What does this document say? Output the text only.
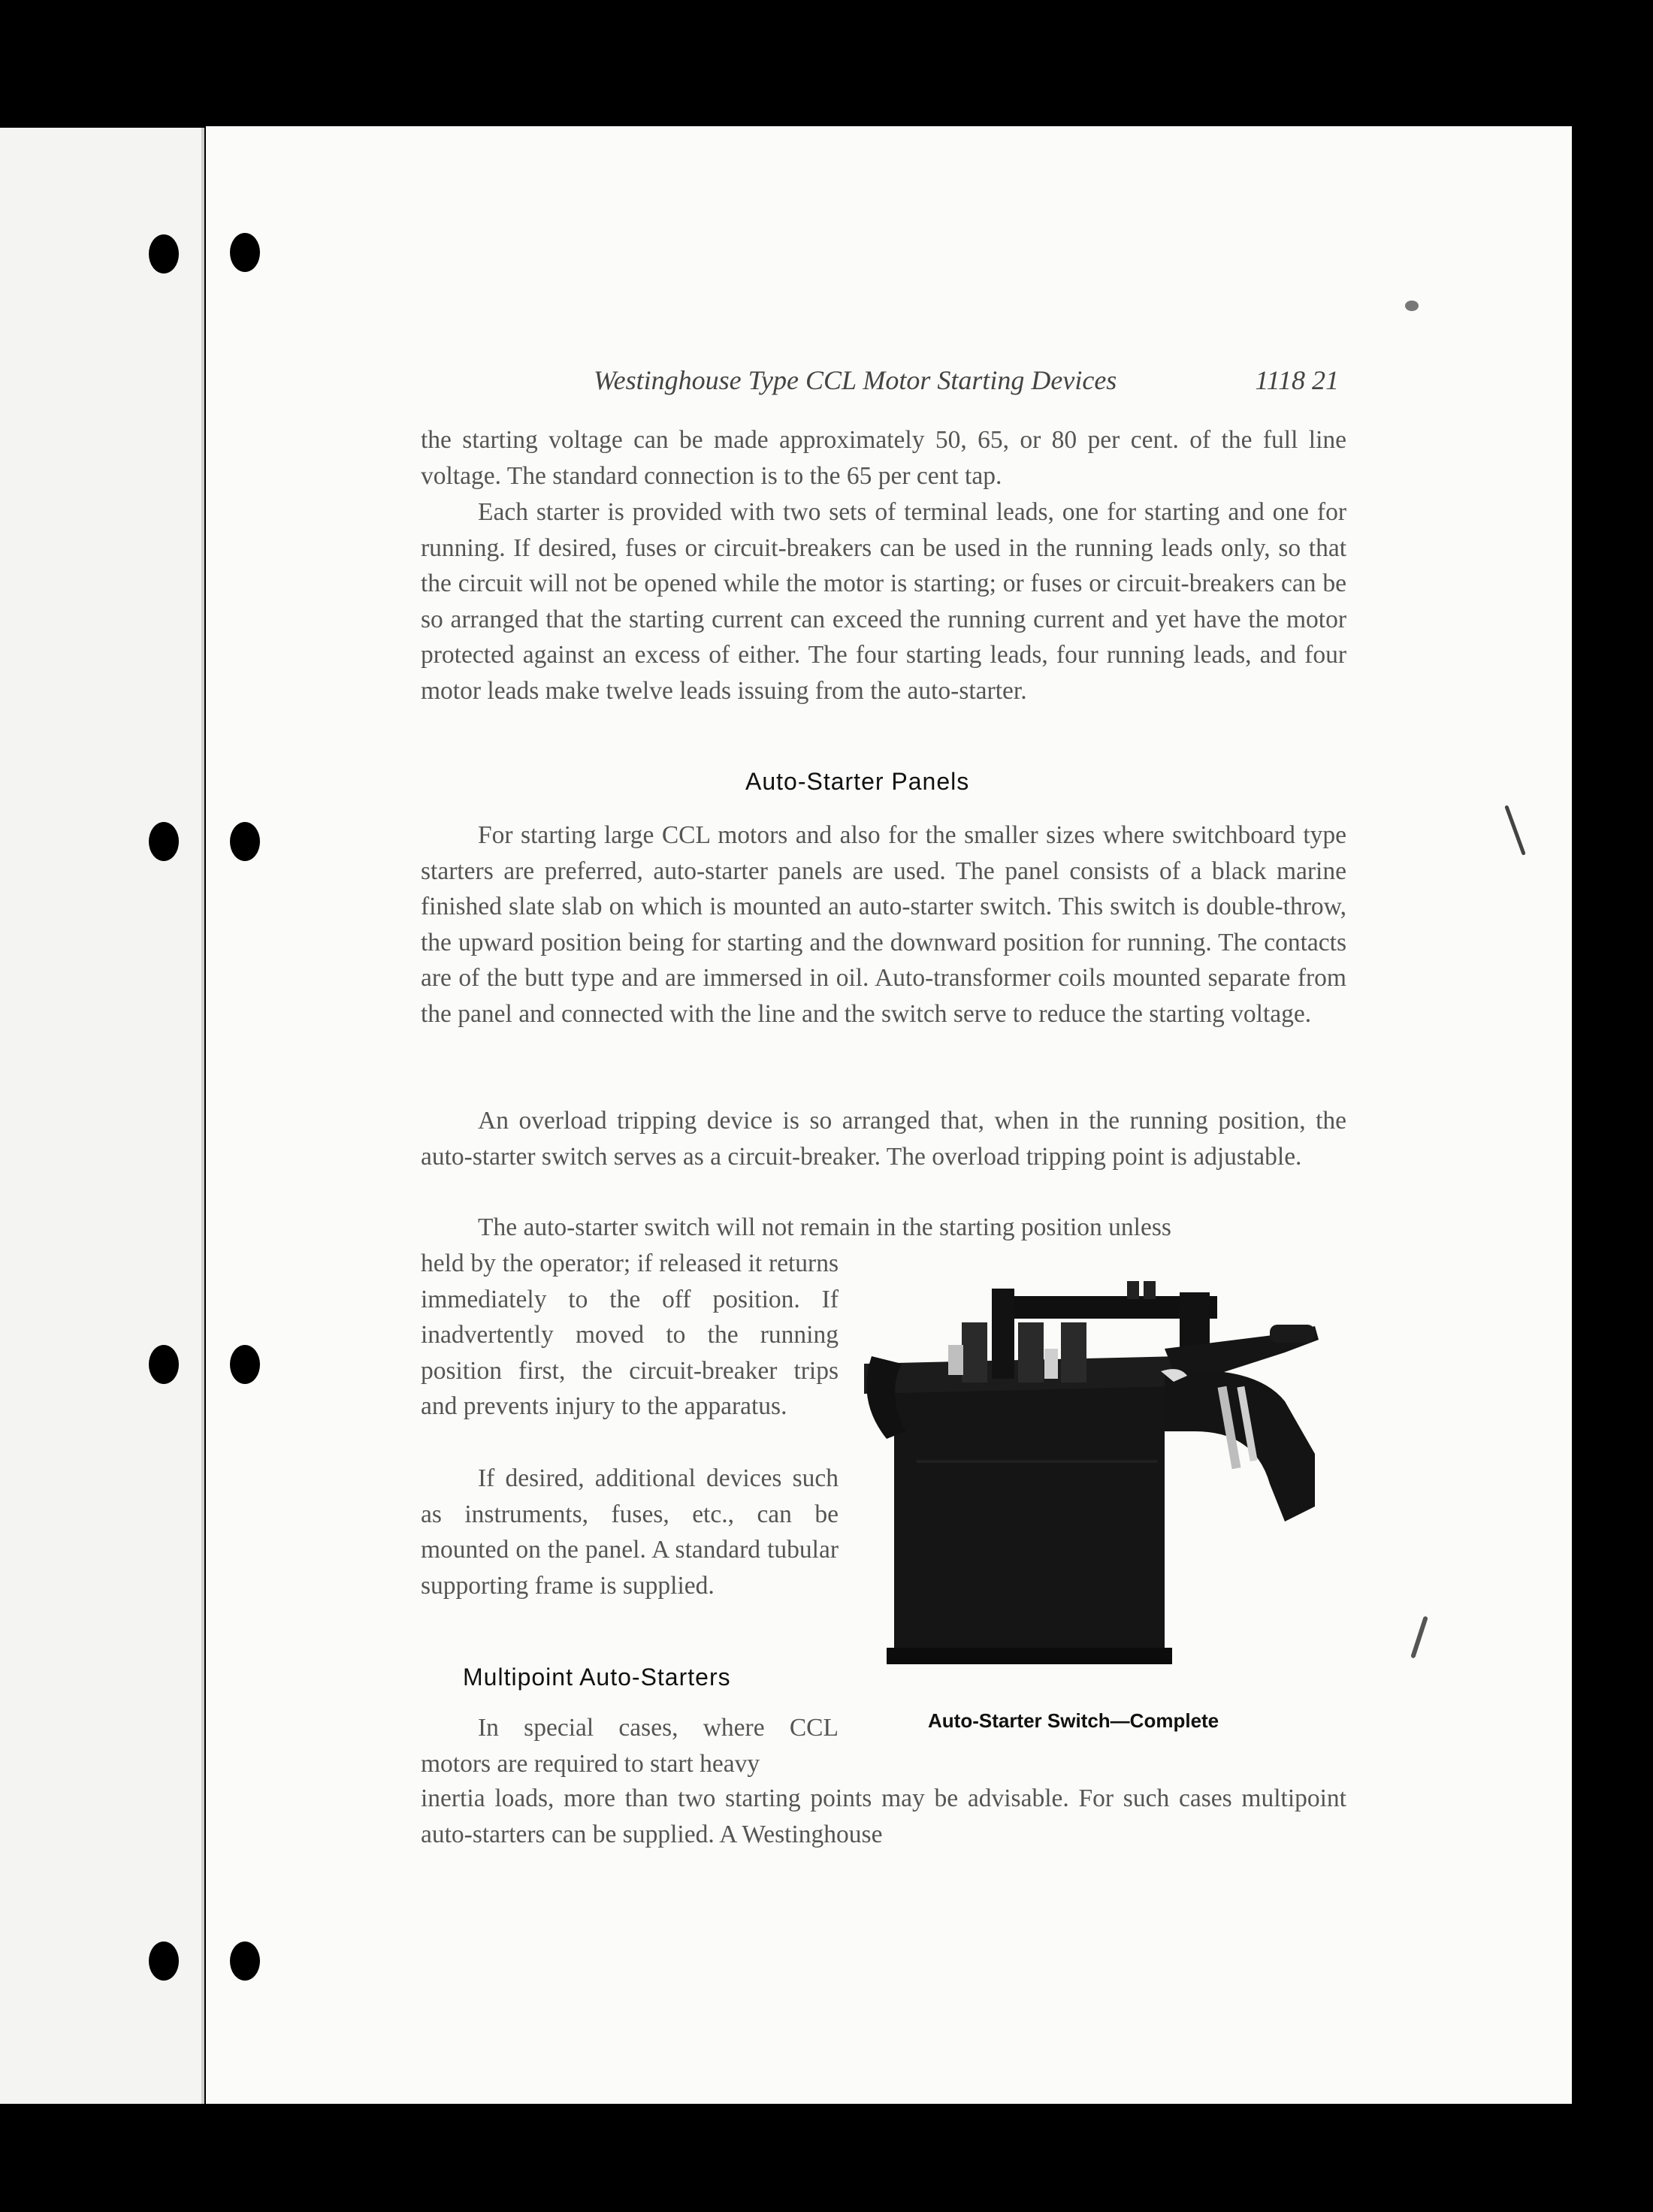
Westinghouse Type CCL Motor Starting Devices	1118 21

the starting voltage can be made approximately 50, 65, or 80 per cent. of the full line voltage. The standard connection is to the 65 per cent tap.

Each starter is provided with two sets of terminal leads, one for starting and one for running. If desired, fuses or circuit-breakers can be used in the running leads only, so that the circuit will not be opened while the motor is starting; or fuses or circuit-breakers can be so arranged that the starting current can exceed the running current and yet have the motor protected against an excess of either. The four starting leads, four running leads, and four motor leads make twelve leads issuing from the auto-starter.

Auto-Starter Panels

For starting large CCL motors and also for the smaller sizes where switchboard type starters are preferred, auto-starter panels are used. The panel consists of a black marine finished slate slab on which is mounted an auto-starter switch. This switch is double-throw, the upward position being for starting and the downward position for running. The contacts are of the butt type and are immersed in oil. Auto-transformer coils mounted separate from the panel and connected with the line and the switch serve to reduce the starting voltage.

An overload tripping device is so arranged that, when in the running position, the auto-starter switch serves as a circuit-breaker. The overload tripping point is adjustable.

The auto-starter switch will not remain in the starting position unless

held by the operator; if released it returns immediately to the off position. If inadvertently moved to the running position first, the circuit-breaker trips and prevents injury to the apparatus.

If desired, additional devices such as instruments, fuses, etc., can be mounted on the panel. A standard tubular supporting frame is supplied.

Multipoint Auto-Starters

In special cases, where CCL motors are required to start heavy

inertia loads, more than two starting points may be advisable. For such cases multipoint auto-starters can be supplied. A Westinghouse

Auto-Starter Switch—Complete
